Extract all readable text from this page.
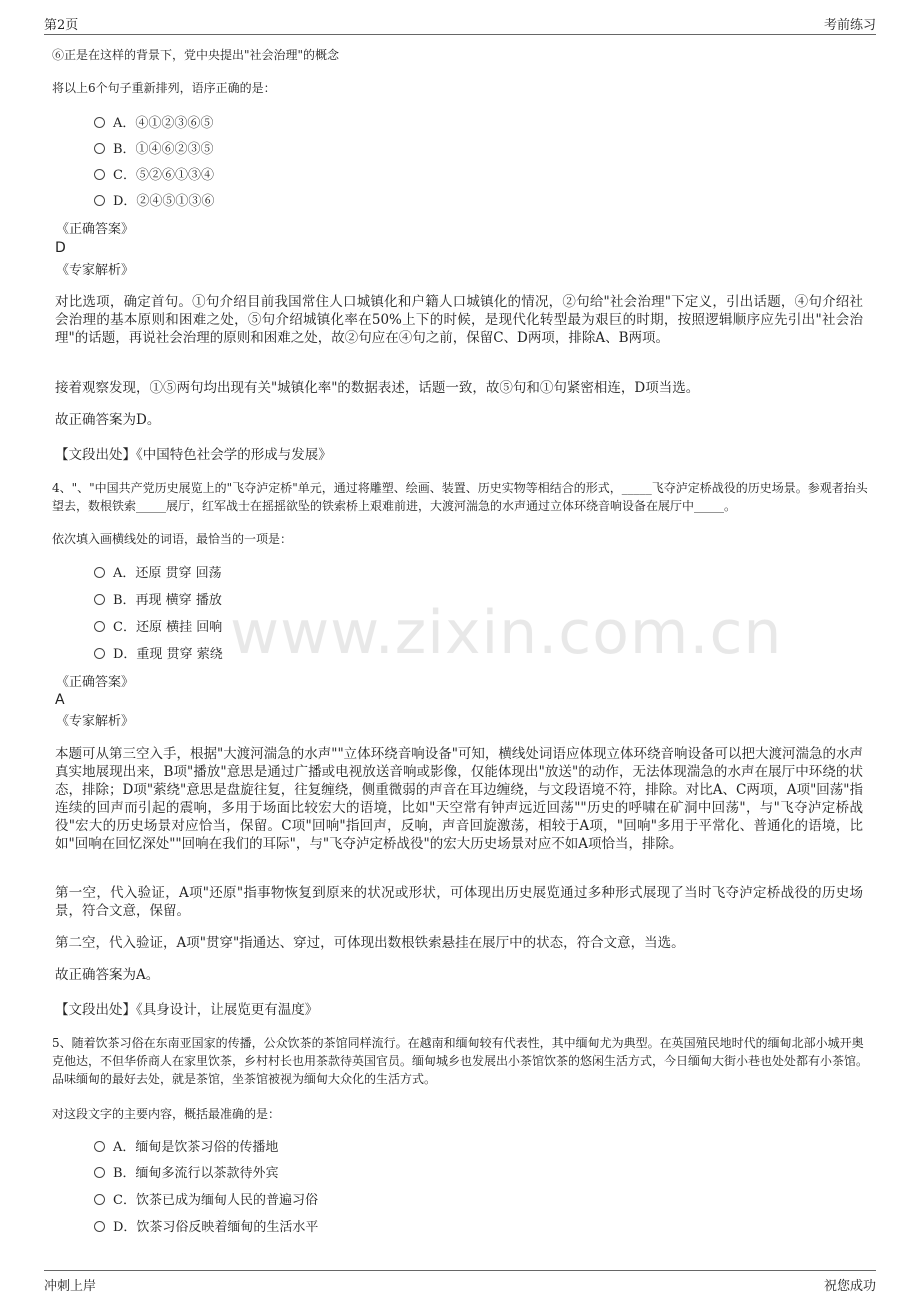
第2页	考前练习
www.zixin.com.cn

⑥正是在这样的背景下，党中央提出"社会治理"的概念

将以上6个句子重新排列，语序正确的是：

A．④①②③⑥⑤
B．①④⑥②③⑤
C．⑤②⑥①③④
D．②④⑤①③⑥
《正确答案》
D
《专家解析》

对比选项，确定首句。①句介绍目前我国常住人口城镇化和户籍人口城镇化的情况，②句给"社会治理"下定义，引出话题，④句介绍社会治理的基本原则和困难之处，⑤句介绍城镇化率在50%上下的时候，是现代化转型最为艰巨的时期，按照逻辑顺序应先引出"社会治理"的话题，再说社会治理的原则和困难之处，故②句应在④句之前，保留C、D两项，排除A、B两项。

接着观察发现，①⑤两句均出现有关"城镇化率"的数据表述，话题一致，故⑤句和①句紧密相连，D项当选。

故正确答案为D。

【文段出处】《中国特色社会学的形成与发展》

4、"、"中国共产党历史展览上的"飞夺泸定桥"单元，通过将雕塑、绘画、装置、历史实物等相结合的形式，_____飞夺泸定桥战役的历史场景。参观者抬头望去，数根铁索_____展厅，红军战士在摇摇欲坠的铁索桥上艰难前进，大渡河湍急的水声通过立体环绕音响设备在展厅中_____。

依次填入画横线处的词语，最恰当的一项是：

A．还原 贯穿 回荡
B．再现 横穿 播放
C．还原 横挂 回响
D．重现 贯穿 萦绕
《正确答案》
A
《专家解析》

本题可从第三空入手，根据"大渡河湍急的水声""立体环绕音响设备"可知，横线处词语应体现立体环绕音响设备可以把大渡河湍急的水声真实地展现出来，B项"播放"意思是通过广播或电视放送音响或影像，仅能体现出"放送"的动作，无法体现湍急的水声在展厅中环绕的状态，排除；D项"萦绕"意思是盘旋往复，往复缠绕，侧重微弱的声音在耳边缠绕，与文段语境不符，排除。对比A、C两项，A项"回荡"指连续的回声而引起的震响，多用于场面比较宏大的语境，比如"天空常有钟声远近回荡""历史的呼啸在矿洞中回荡"，与"飞夺泸定桥战役"宏大的历史场景对应恰当，保留。C项"回响"指回声，反响，声音回旋激荡，相较于A项，"回响"多用于平常化、普通化的语境，比如"回响在回忆深处""回响在我们的耳际"，与"飞夺泸定桥战役"的宏大历史场景对应不如A项恰当，排除。

第一空，代入验证，A项"还原"指事物恢复到原来的状况或形状，可体现出历史展览通过多种形式展现了当时飞夺泸定桥战役的历史场景，符合文意，保留。

第二空，代入验证，A项"贯穿"指通达、穿过，可体现出数根铁索悬挂在展厅中的状态，符合文意，当选。

故正确答案为A。

【文段出处】《具身设计，让展览更有温度》

5、随着饮茶习俗在东南亚国家的传播，公众饮茶的茶馆同样流行。在越南和缅甸较有代表性，其中缅甸尤为典型。在英国殖民地时代的缅甸北部小城开奥克他达，不但华侨商人在家里饮茶，乡村村长也用茶款待英国官员。缅甸城乡也发展出小茶馆饮茶的悠闲生活方式，今日缅甸大街小巷也处处都有小茶馆。品味缅甸的最好去处，就是茶馆，坐茶馆被视为缅甸大众化的生活方式。

对这段文字的主要内容，概括最准确的是：

A．缅甸是饮茶习俗的传播地
B．缅甸多流行以茶款待外宾
C．饮茶已成为缅甸人民的普遍习俗
D．饮茶习俗反映着缅甸的生活水平
冲刺上岸	祝您成功
